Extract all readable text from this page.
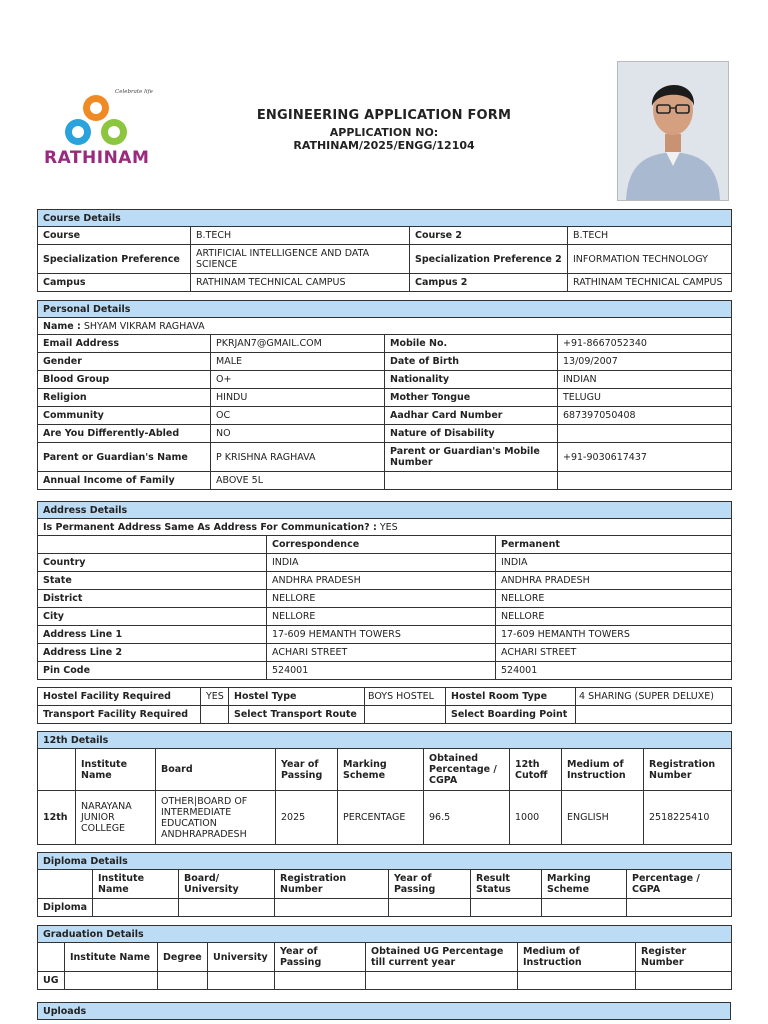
Celebrate life
RATHINAM
ENGINEERING APPLICATION FORM
APPLICATION NO:
RATHINAM/2025/ENGG/12104
Course Details			
Course	B.TECH	Course 2	B.TECH
Specialization Preference	ARTIFICIAL INTELLIGENCE AND DATA SCIENCE	Specialization Preference 2	INFORMATION TECHNOLOGY
Campus	RATHINAM TECHNICAL CAMPUS	Campus 2	RATHINAM TECHNICAL CAMPUS
Personal Details			
Name : SHYAM VIKRAM RAGHAVA			
Email Address	PKRJAN7@GMAIL.COM	Mobile No.	+91-8667052340
Gender	MALE	Date of Birth	13/09/2007
Blood Group	O+	Nationality	INDIAN
Religion	HINDU	Mother Tongue	TELUGU
Community	OC	Aadhar Card Number	687397050408
Are You Differently-Abled	NO	Nature of Disability	
Parent or Guardian's Name	P KRISHNA RAGHAVA	Parent or Guardian's Mobile Number	+91-9030617437
Annual Income of Family	ABOVE 5L		
Address Details		
Is Permanent Address Same As Address For Communication? : YES		
	Correspondence	Permanent
Country	INDIA	INDIA
State	ANDHRA PRADESH	ANDHRA PRADESH
District	NELLORE	NELLORE
City	NELLORE	NELLORE
Address Line 1	17-609 HEMANTH TOWERS	17-609 HEMANTH TOWERS
Address Line 2	ACHARI STREET	ACHARI STREET
Pin Code	524001	524001
Hostel Facility Required	YES	Hostel Type	BOYS HOSTEL	Hostel Room Type	4 SHARING (SUPER DELUXE)
Transport Facility Required		Select Transport Route		Select Boarding Point	
12th Details								
	Institute Name	Board	Year of Passing	Marking Scheme	Obtained Percentage / CGPA	12th Cutoff	Medium of Instruction	Registration Number
12th	NARAYANA JUNIOR COLLEGE	OTHER|BOARD OF INTERMEDIATE EDUCATION ANDHRAPRADESH	2025	PERCENTAGE	96.5	1000	ENGLISH	2518225410
Diploma Details							
	Institute Name	Board/ University	Registration Number	Year of Passing	Result Status	Marking Scheme	Percentage / CGPA
Diploma							
Graduation Details							
	Institute Name	Degree	University	Year of Passing	Obtained UG Percentage till current year	Medium of Instruction	Register Number
UG							
Uploads
